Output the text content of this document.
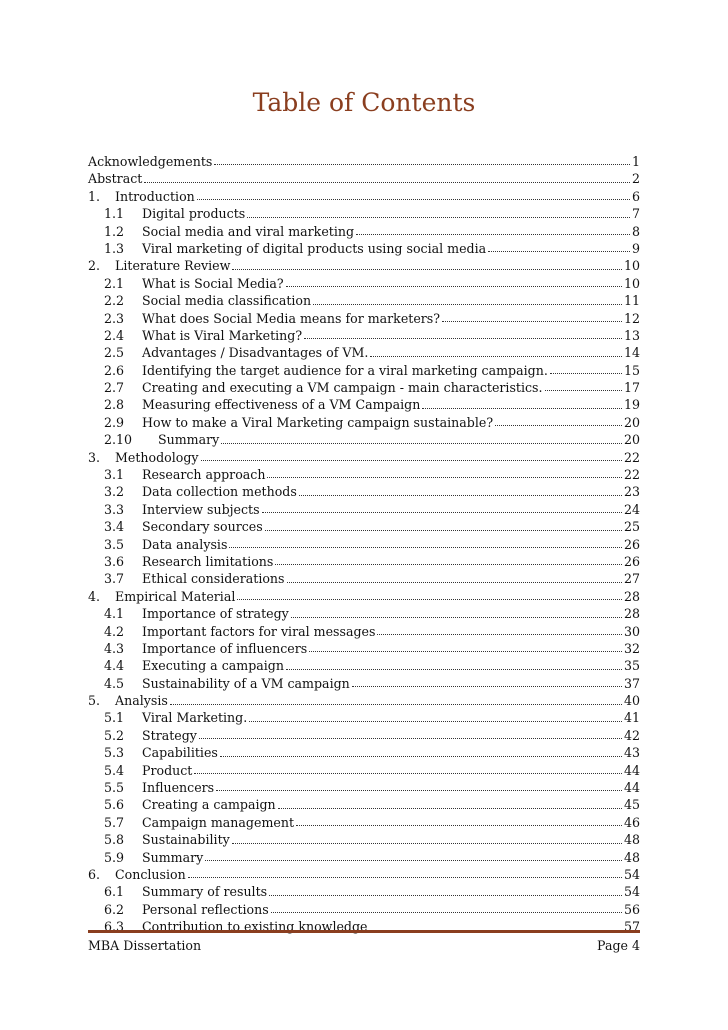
Table of Contents
Acknowledgements	1
Abstract	2
1.	Introduction	6
1.1	Digital products	7
1.2	Social media and viral marketing	8
1.3	Viral marketing of digital products using social media	9
2.	Literature Review	10
2.1	What is Social Media?	10
2.2	Social media classification	11
2.3	What does Social Media means for marketers?	12
2.4	What is Viral Marketing?	13
2.5	Advantages / Disadvantages of VM.	14
2.6	Identifying the target audience for a viral marketing campaign.	15
2.7	Creating and executing a VM campaign - main characteristics.	17
2.8	Measuring effectiveness of a VM Campaign	19
2.9	How to make a Viral Marketing campaign sustainable?	20
2.10	Summary	20
3.	Methodology	22
3.1	Research approach	22
3.2	Data collection methods	23
3.3	Interview subjects	24
3.4	Secondary sources	25
3.5	Data analysis	26
3.6	Research limitations	26
3.7	Ethical considerations	27
4.	Empirical Material	28
4.1	Importance of strategy	28
4.2	Important factors for viral messages	30
4.3	Importance of influencers	32
4.4	Executing a campaign	35
4.5	Sustainability of a VM campaign	37
5.	Analysis	40
5.1	Viral Marketing.	41
5.2	Strategy	42
5.3	Capabilities	43
5.4	Product	44
5.5	Influencers	44
5.6	Creating a campaign	45
5.7	Campaign management	46
5.8	Sustainability	48
5.9	Summary	48
6.	Conclusion	54
6.1	Summary of results	54
6.2	Personal reflections	56
6.3	Contribution to existing knowledge	57
MBA Dissertation	Page 4
